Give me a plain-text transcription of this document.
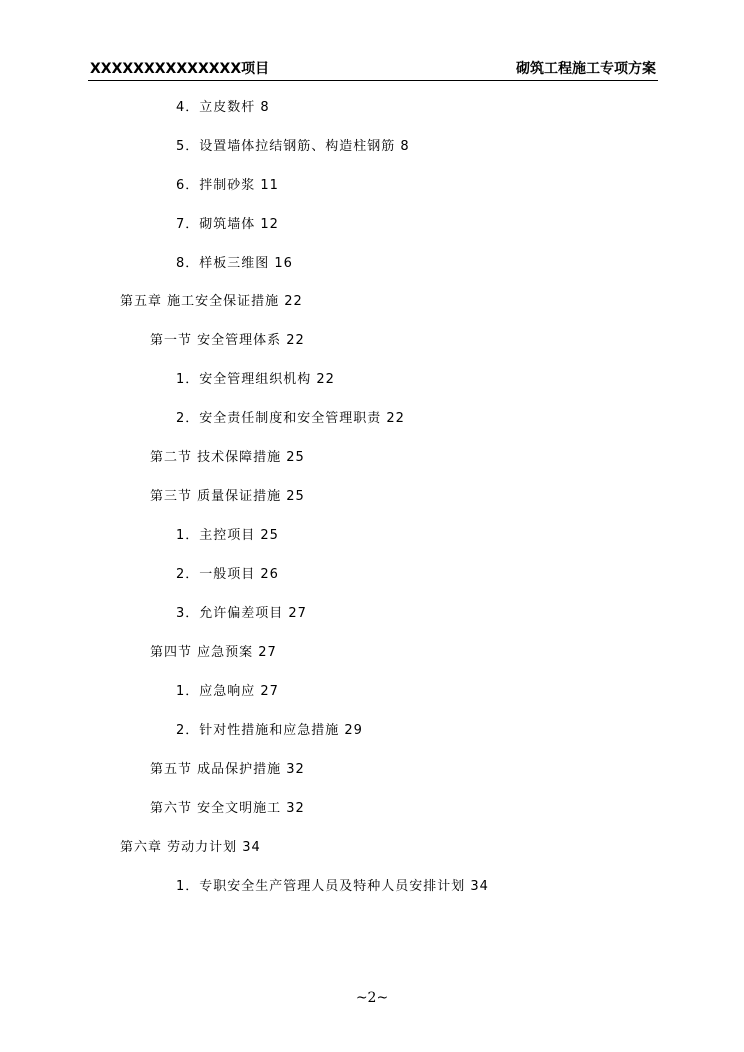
XXXXXXXXXXXXXX项目	砌筑工程施工专项方案
4．立皮数杆 8
5．设置墙体拉结钢筋、构造柱钢筋 8
6．拌制砂浆 11
7．砌筑墙体 12
8．样板三维图 16
第五章 施工安全保证措施 22
第一节 安全管理体系 22
1．安全管理组织机构 22
2．安全责任制度和安全管理职责 22
第二节 技术保障措施 25
第三节 质量保证措施 25
1．主控项目 25
2．一般项目 26
3．允许偏差项目 27
第四节 应急预案 27
1．应急响应 27
2．针对性措施和应急措施 29
第五节 成品保护措施 32
第六节 安全文明施工 32
第六章 劳动力计划 34
1．专职安全生产管理人员及特种人员安排计划 34
~2~
